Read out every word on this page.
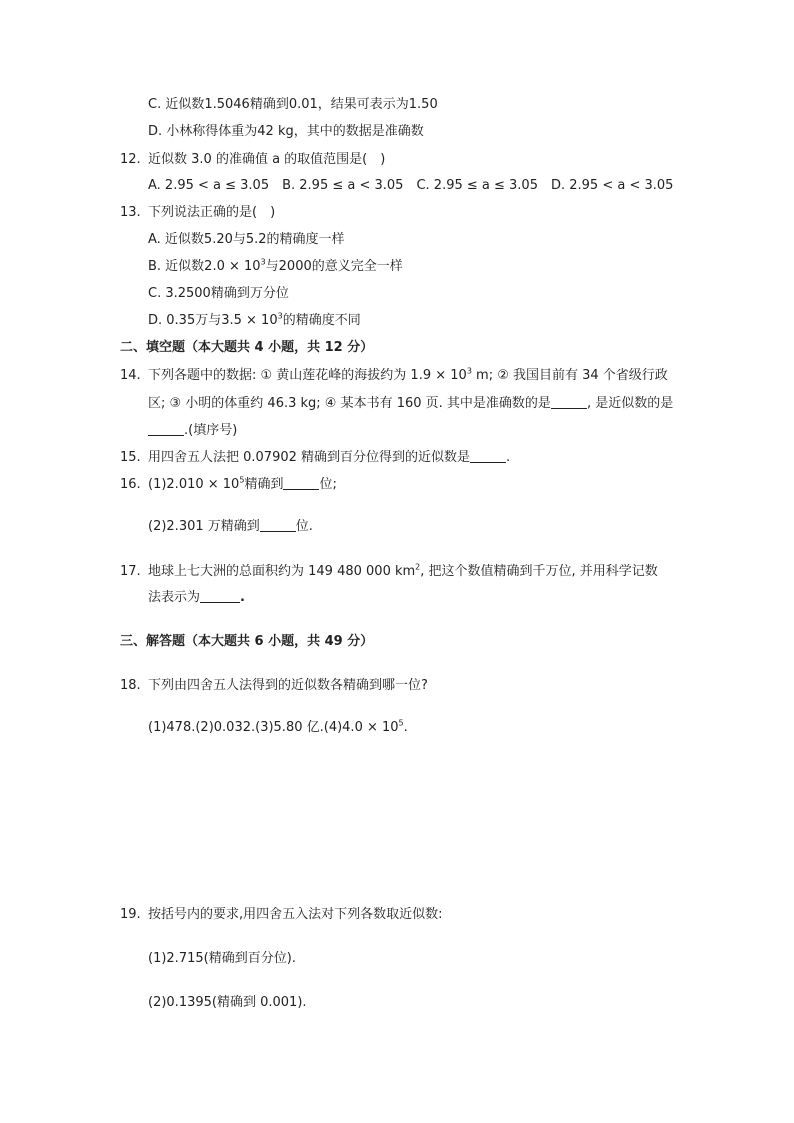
C. 近似数1.5046精确到0.01，结果可表示为1.50
D. 小林称得体重为42 kg，其中的数据是准确数
12. 近似数 3.0 的准确值 a 的取值范围是(　)
A. 2.95 < a ≤ 3.05　B. 2.95 ≤ a < 3.05　C. 2.95 ≤ a ≤ 3.05　D. 2.95 < a < 3.05
13. 下列说法正确的是(　)
A. 近似数5.20与5.2的精确度一样
B. 近似数$2.0 \times 10^3$与2000的意义完全一样
C. 3.2500精确到万分位
D. 0.35万与$3.5 \times 10^3$的精确度不同
二、填空题（本大题共 4 小题，共 12 分）
14. 下列各题中的数据: ① 黄山莲花峰的海拔约为 $1.9 \times 10^3$ m; ② 我国目前有 34 个省级行政
区; ③ 小明的体重约 46.3 kg; ④ 某本书有 160 页. 其中是准确数的是	, 是近似数的是
.(填序号)
15. 用四舍五人法把 0.07902 精确到百分位得到的近似数是	.
16. $(1)2.010 \times 10^5$精确到	位;
(2)2.301 万精确到	位.
17. 地球上七大洲的总面积约为 149 480 000 $km^2$, 把这个数值精确到千万位, 并用科学记数
法表示为	.
三、解答题（本大题共 6 小题，共 49 分）
18. 下列由四舍五人法得到的近似数各精确到哪一位?
(1)478.(2)0.032.(3)5.80 亿$.(4)4.0 \times 10^5$.
19. 按括号内的要求,用四舍五入法对下列各数取近似数:
(1)2.715(精确到百分位).
(2)0.1395(精确到 0.001).
